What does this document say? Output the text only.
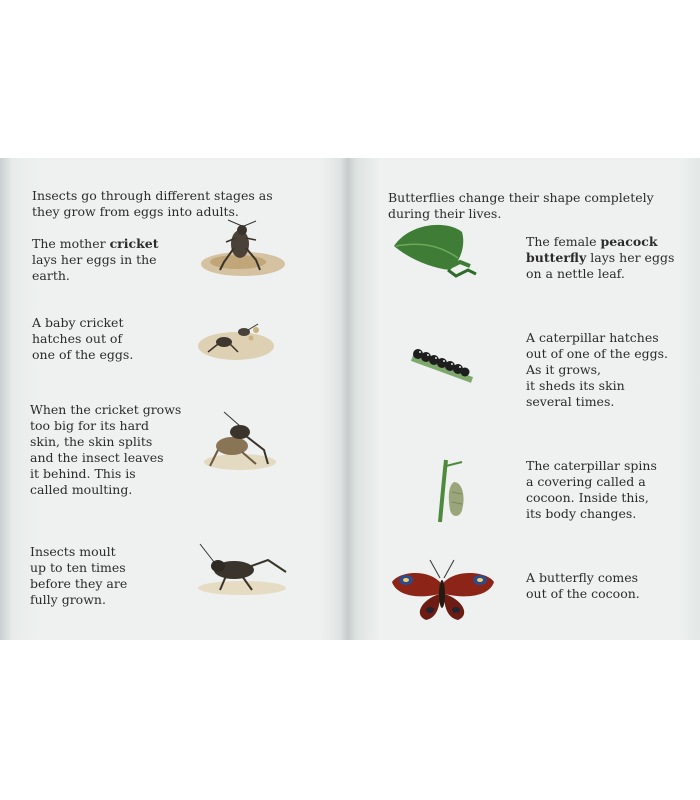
Insects go through different stages as
they grow from eggs into adults.
The mother cricket
lays her eggs in the
earth.
A baby cricket
hatches out of
one of the eggs.
When the cricket grows
too big for its hard
skin, the skin splits
and the insect leaves
it behind. This is
called moulting.
Insects moult
up to ten times
before they are
fully grown.
Butterflies change their shape completely
during their lives.
The female peacock
butterfly lays her eggs
on a nettle leaf.
A caterpillar hatches
out of one of the eggs.
As it grows,
it sheds its skin
several times.
The caterpillar spins
a covering called a
cocoon. Inside this,
its body changes.
A butterfly comes
out of the cocoon.
